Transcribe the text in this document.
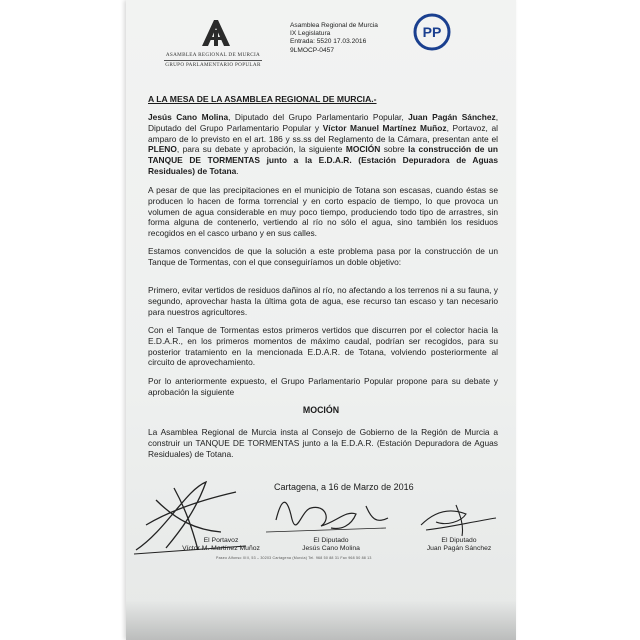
ASAMBLEA REGIONAL DE MURCIA
GRUPO PARLAMENTARIO POPULAR
Asamblea Regional de Murcia
IX Legislatura
Entrada: 5520 17.03.2016
9LMOCP-0457
PP
A LA MESA DE LA ASAMBLEA REGIONAL DE MURCIA.-
Jesús Cano Molina, Diputado del Grupo Parlamentario Popular, Juan Pagán Sánchez, Diputado del Grupo Parlamentario Popular y Víctor Manuel Martínez Muñoz, Portavoz, al amparo de lo previsto en el art. 186 y ss.ss del Reglamento de la Cámara, presentan ante el PLENO, para su debate y aprobación, la siguiente MOCIÓN sobre la construcción de un TANQUE DE TORMENTAS junto a la E.D.A.R. (Estación Depuradora de Aguas Residuales) de Totana.
A pesar de que las precipitaciones en el municipio de Totana son escasas, cuando éstas se producen lo hacen de forma torrencial y en corto espacio de tiempo, lo que provoca un volumen de agua considerable en muy poco tiempo, produciendo todo tipo de arrastres, sin forma alguna de contenerlo, vertiendo al río no sólo el agua, sino también los residuos recogidos en el casco urbano y en sus calles.
Estamos convencidos de que la solución a este problema pasa por la construcción de un Tanque de Tormentas, con el que conseguiríamos un doble objetivo:
Primero, evitar vertidos de residuos dañinos al río, no afectando a los terrenos ni a su fauna, y segundo, aprovechar hasta la última gota de agua, ese recurso tan escaso y tan necesario para nuestros agricultores.
Con el Tanque de Tormentas estos primeros vertidos que discurren por el colector hacia la E.D.A.R., en los primeros momentos de máximo caudal, podrían ser recogidos, para su posterior tratamiento en la mencionada E.D.A.R. de Totana, volviendo posteriormente al circuito de aprovechamiento.
Por lo anteriormente expuesto, el Grupo Parlamentario Popular propone para su debate y aprobación la siguiente
MOCIÓN
La Asamblea Regional de Murcia insta al Consejo de Gobierno de la Región de Murcia a construir un TANQUE DE TORMENTAS junto a la E.D.A.R. (Estación Depuradora de Aguas Residuales) de Totana.
Cartagena, a 16 de Marzo de 2016
El Portavoz
Víctor M. Martínez Muñoz
El Diputado
Jesús Cano Molina
El Diputado
Juan Pagán Sánchez
Paseo Alfonso XIII, 53 – 30203 Cartagena (Murcia) Tel. 968 50 88 31 Fax 968 50 88 13
